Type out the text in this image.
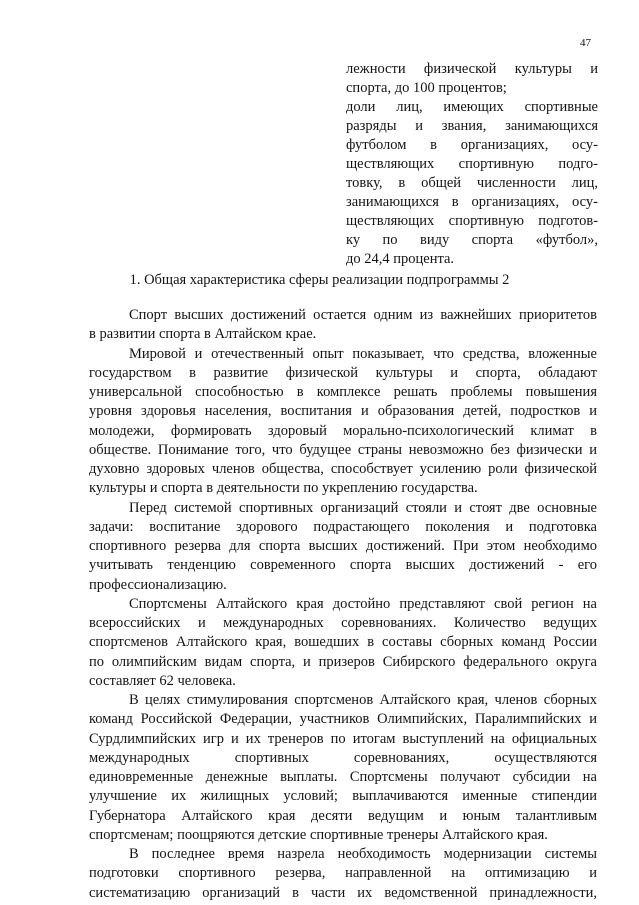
47
лежности физической культуры и
спорта, до 100 процентов;
доли лиц, имеющих спортивные
разряды и звания, занимающихся
футболом в организациях, осу-
ществляющих спортивную подго-
товку, в общей численности лиц,
занимающихся в организациях, осу-
ществляющих спортивную подготов-
ку по виду спорта «футбол»,
до 24,4 процента.
1. Общая характеристика сферы реализации подпрограммы 2
Спорт высших достижений остается одним из важнейших приоритетов
в развитии спорта в Алтайском крае.
Мировой и отечественный опыт показывает, что средства, вложенные
государством в развитие физической культуры и спорта, обладают
универсальной способностью в комплексе решать проблемы повышения
уровня здоровья населения, воспитания и образования детей, подростков и
молодежи, формировать здоровый морально-психологический климат в
обществе. Понимание того, что будущее страны невозможно без физически и
духовно здоровых членов общества, способствует усилению роли физической
культуры и спорта в деятельности по укреплению государства.
Перед системой спортивных организаций стояли и стоят две основные
задачи: воспитание здорового подрастающего поколения и подготовка
спортивного резерва для спорта высших достижений. При этом необходимо
учитывать тенденцию современного спорта высших достижений - его
профессионализацию.
Спортсмены Алтайского края достойно представляют свой регион на
всероссийских и международных соревнованиях. Количество ведущих
спортсменов Алтайского края, вошедших в составы сборных команд России
по олимпийским видам спорта, и призеров Сибирского федерального округа
составляет 62 человека.
В целях стимулирования спортсменов Алтайского края, членов сборных
команд Российской Федерации, участников Олимпийских, Паралимпийских и
Сурдлимпийских игр и их тренеров по итогам выступлений на официальных
международных спортивных соревнованиях, осуществляются
единовременные денежные выплаты. Спортсмены получают субсидии на
улучшение их жилищных условий; выплачиваются именные стипендии
Губернатора Алтайского края десяти ведущим и юным талантливым
спортсменам; поощряются детские спортивные тренеры Алтайского края.
В последнее время назрела необходимость модернизации системы
подготовки спортивного резерва, направленной на оптимизацию и
систематизацию организаций в части их ведомственной принадлежности,
